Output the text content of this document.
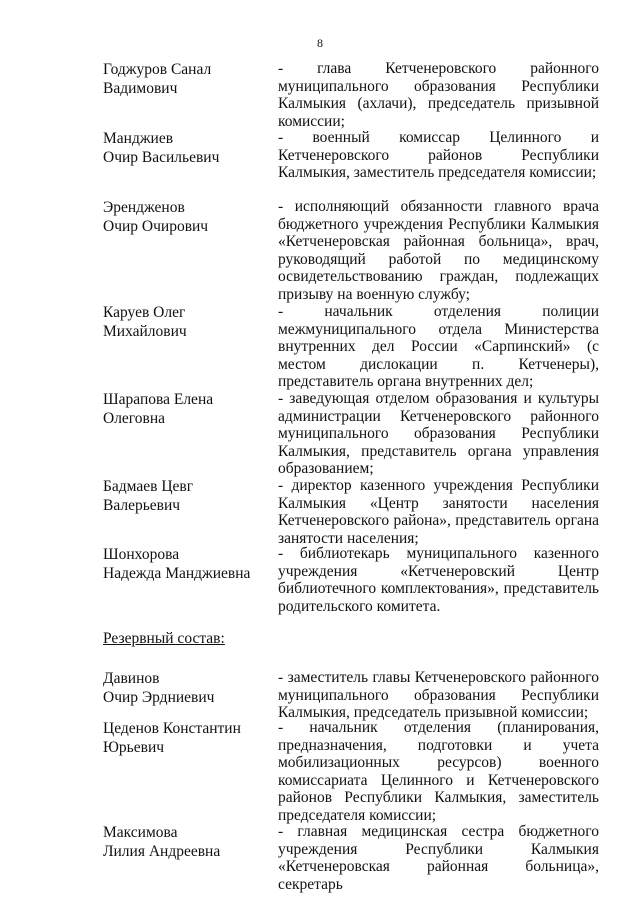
8
Годжуров Санал
Вадимович
- глава Кетченеровского районного муниципального образования Республики Калмыкия (ахлачи), председатель призывной комиссии;
Манджиев
Очир Васильевич
- военный комиссар Целинного и Кетченеровского районов Республики Калмыкия, заместитель председателя комиссии;
Эрендженов
Очир Очирович
- исполняющий обязанности главного врача бюджетного учреждения Республики Калмыкия «Кетченеровская районная больница», врач, руководящий работой по медицинскому освидетельствованию граждан, подлежащих призыву на военную службу;
Каруев Олег
Михайлович
- начальник отделения полиции межмуниципального отдела Министерства внутренних дел России «Сарпинский» (с местом дислокации п. Кетченеры), представитель органа внутренних дел;
Шарапова Елена
Олеговна
- заведующая отделом образования и культуры администрации Кетченеровского районного муниципального образования Республики Калмыкия, представитель органа управления образованием;
Бадмаев Цевг
Валерьевич
- директор казенного учреждения Республики Калмыкия «Центр занятости населения Кетченеровского района», представитель органа занятости населения;
Шонхорова
Надежда Манджиевна
- библиотекарь муниципального казенного учреждения «Кетченеровский Центр библиотечного комплектования», представитель родительского комитета.
Резервный состав:
Давинов
Очир Эрдниевич
- заместитель главы Кетченеровского районного муниципального образования Республики Калмыкия, председатель призывной комиссии;
Цеденов Константин
Юрьевич
- начальник отделения (планирования, предназначения, подготовки и учета мобилизационных ресурсов) военного комиссариата Целинного и Кетченеровского районов Республики Калмыкия, заместитель председателя комиссии;
Максимова
Лилия Андреевна
- главная медицинская сестра бюджетного учреждения Республики Калмыкия «Кетченеровская районная больница», секретарь
